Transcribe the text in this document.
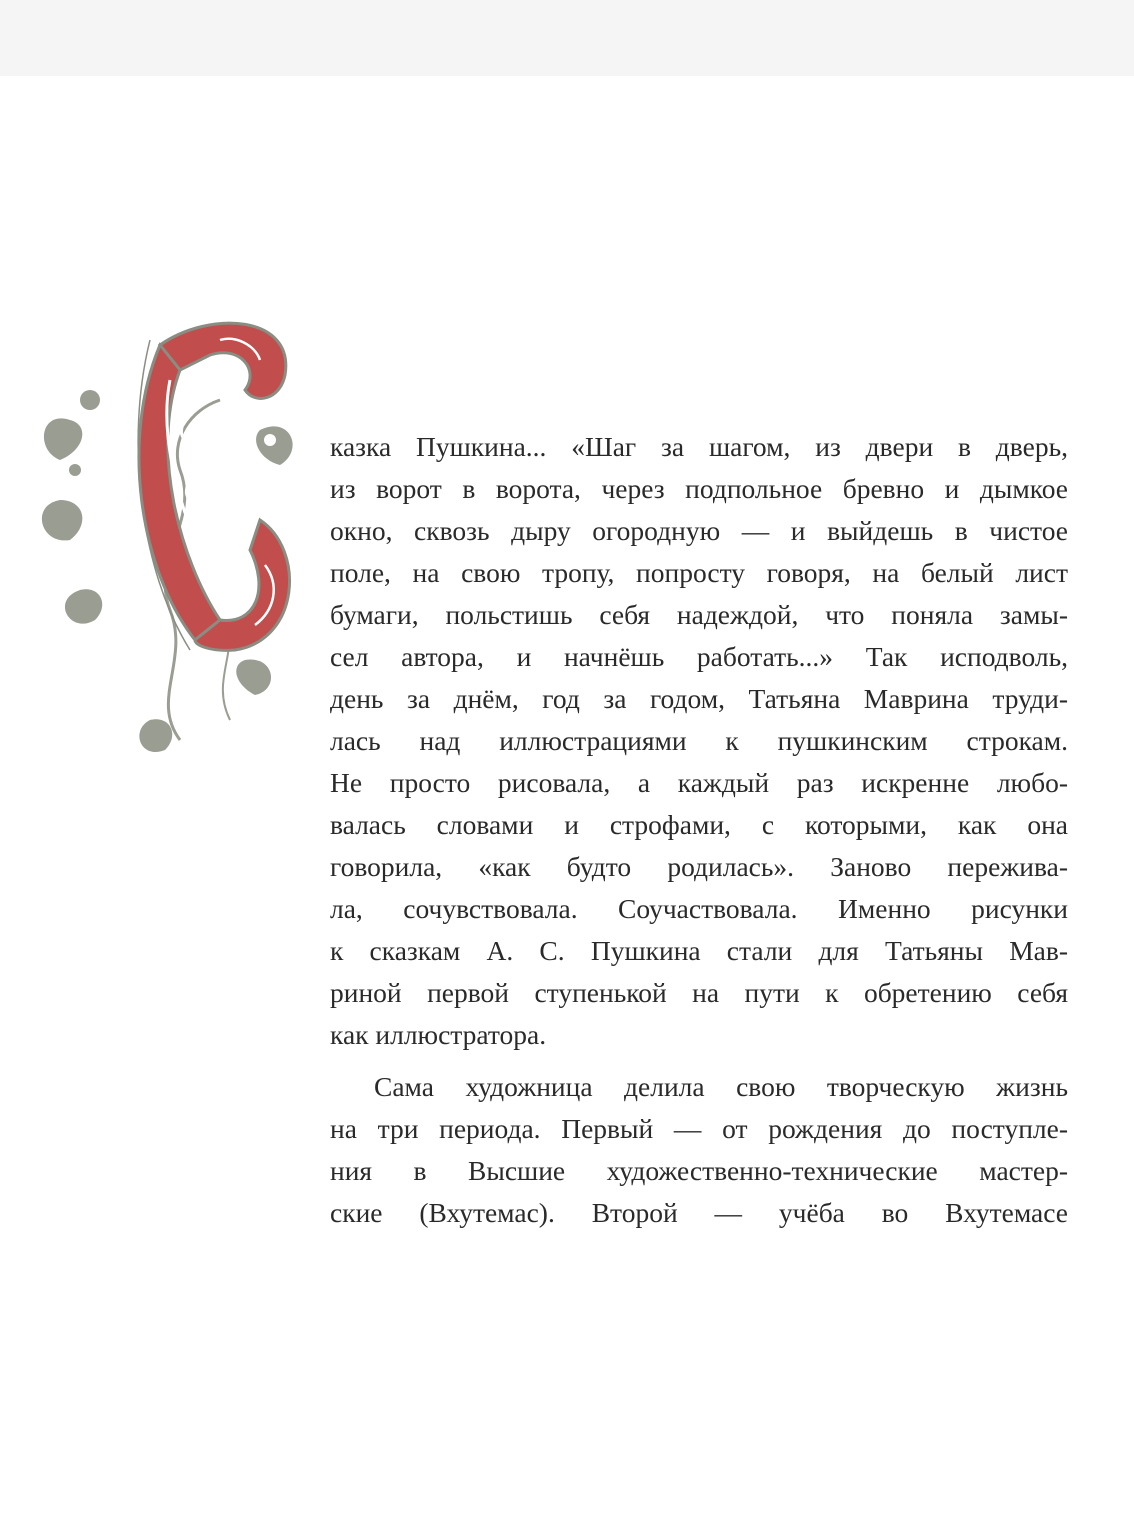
казка Пушкина... «Шаг за шагом, из двери в дверь,
из ворот в ворота, через подпольное бревно и дымкое
окно, сквозь дыру огородную — и выйдешь в чистое
поле, на свою тропу, попросту говоря, на белый лист
бумаги, польстишь себя надеждой, что поняла замы-
сел автора, и начнёшь работать...» Так исподволь,
день за днём, год за годом, Татьяна Маврина труди-
лась над иллюстрациями к пушкинским строкам.
Не просто рисовала, а каждый раз искренне любо-
валась словами и строфами, с которыми, как она
говорила, «как будто родилась». Заново пережива-
ла, сочувствовала. Соучаствовала. Именно рисунки
к сказкам А. С. Пушкина стали для Татьяны Мав-
риной первой ступенькой на пути к обретению себя
как иллюстратора.
Сама художница делила свою творческую жизнь
на три периода. Первый — от рождения до поступле-
ния в Высшие художественно-технические мастер-
ские (Вхутемас). Второй — учёба во Вхутемасе
